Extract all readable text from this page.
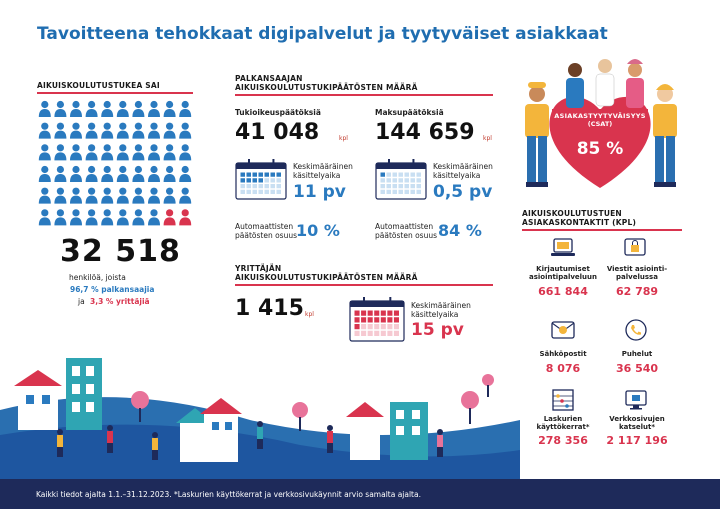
Tavoitteena tehokkaat digipalvelut ja tyytyväiset asiakkaat
AIKUISKOULUTUSTUKEA SAI
32 518
henkilöä, joista
96,7 % palkansaajia
ja 3,3 % yrittäjiä
PALKANSAAJAN
AIKUISKOULUTUSTUKIPÄÄTÖSTEN MÄÄRÄ
Tukioikeuspäätöksiä
41 048	kpl
Keskimääräinen
käsittelyaika
11 pv
Automaattisten
päätösten osuus 10 %
Maksupäätöksiä
144 659 kpl
Keskimääräinen
käsittelyaika
0,5 pv
Automaattisten
päätösten osuus 84 %
YRITTÄJÄN
AIKUISKOULUTUSTUKIPÄÄTÖSTEN MÄÄRÄ
1 415 kpl
Keskimääräinen
käsittelyaika
15 pv
ASIAKASTYYTYVÄISYYS
(CSAT)
85 %
AIKUISKOULUTUSTUEN
ASIAKASKONTAKTIT (KPL)
Kirjautumiset
asiointipalveluun
661 844
Viestit asiointi-
palvelussa
62 789
Sähköpostit
8 076
Puhelut
36 540
Laskurien
käyttökerrat*
278 356
Verkkosivujen
katselut*
2 117 196
Kaikki tiedot ajalta 1.1.–31.12.2023. *Laskurien käyttökerrat ja verkkosivukäynnit arvio samalta ajalta.
